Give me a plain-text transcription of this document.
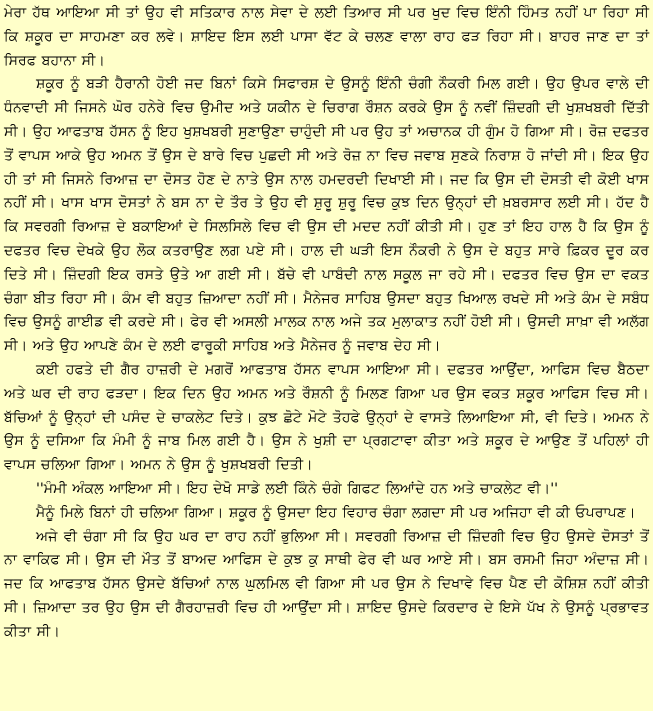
ਮੇਰਾ ਹੱਥ ਆਇਆ ਸੀ ਤਾਂ ਉਹ ਵੀ ਸਤਿਕਾਰ ਨਾਲ ਸੇਵਾ ਦੇ ਲਈ ਤਿਆਰ ਸੀ ਪਰ ਖੁਦ ਵਿਚ ਇੰਨੀ ਹਿੰਮਤ ਨਹੀਂ ਪਾ ਰਿਹਾ ਸੀ ਕਿ ਸ਼ਕੂਰ ਦਾ ਸਾਹਮਣਾ ਕਰ ਲਵੇ। ਸ਼ਾਇਦ ਇਸ ਲਈ ਪਾਸਾ ਵੱਟ ਕੇ ਚਲਣ ਵਾਲਾ ਰਾਹ ਫੜ ਰਿਹਾ ਸੀ। ਬਾਹਰ ਜਾਣ ਦਾ ਤਾਂ ਸਿਰਫ ਬਹਾਨਾ ਸੀ।

ਸ਼ਕੂਰ ਨੂੰ ਬੜੀ ਹੈਰਾਨੀ ਹੋਈ ਜਦ ਬਿਨਾਂ ਕਿਸੇ ਸਿਫਾਰਸ਼ ਦੇ ਉਸਨੂੰ ਇੰਨੀ ਚੰਗੀ ਨੌਕਰੀ ਮਿਲ ਗਈ। ਉਹ ਉਪਰ ਵਾਲੇ ਦੀ ਧੰਨਵਾਦੀ ਸੀ ਜਿਸਨੇ ਘੋਰ ਹਨੇਰੇ ਵਿਚ ਉਮੀਦ ਅਤੇ ਯਕੀਨ ਦੇ ਚਿਰਾਗ ਰੌਸ਼ਨ ਕਰਕੇ ਉਸ ਨੂੰ ਨਵੀਂ ਜ਼ਿੰਦਗੀ ਦੀ ਖੁਸ਼ਖਬਰੀ ਦਿੱਤੀ ਸੀ। ਉਹ ਆਫਤਾਬ ਹੱਸਨ ਨੂੰ ਇਹ ਖੁਸ਼ਖਬਰੀ ਸੁਣਾਉਣਾ ਚਾਹੁੰਦੀ ਸੀ ਪਰ ਉਹ ਤਾਂ ਅਚਾਨਕ ਹੀ ਗੁੰਮ ਹੋ ਗਿਆ ਸੀ। ਰੋਜ਼ ਦਫਤਰ ਤੋਂ ਵਾਪਸ ਆਕੇ ਉਹ ਅਮਨ ਤੋਂ ਉਸ ਦੇ ਬਾਰੇ ਵਿਚ ਪੁਛਦੀ ਸੀ ਅਤੇ ਰੋਜ਼ ਨਾ ਵਿਚ ਜਵਾਬ ਸੁਣਕੇ ਨਿਰਾਸ਼ ਹੋ ਜਾਂਦੀ ਸੀ। ਇਕ ਉਹ ਹੀ ਤਾਂ ਸੀ ਜਿਸਨੇ ਰਿਆਜ਼ ਦਾ ਦੋਸਤ ਹੋਣ ਦੇ ਨਾਤੇ ਉਸ ਨਾਲ ਹਮਦਰਦੀ ਦਿਖਾਈ ਸੀ। ਜਦ ਕਿ ਉਸ ਦੀ ਦੋਸਤੀ ਵੀ ਕੋਈ ਖਾਸ ਨਹੀਂ ਸੀ। ਖਾਸ ਖਾਸ ਦੋਸਤਾਂ ਨੇ ਬਸ ਨਾ ਦੇ ਤੌਰ ਤੇ ਉਹ ਵੀ ਸ਼ੁਰੂ ਸ਼ੁਰੂ ਵਿਚ ਕੁਝ ਦਿਨ ਉਨ੍ਹਾਂ ਦੀ ਖ਼ਬਰਸਾਰ ਲਈ ਸੀ। ਹੱਦ ਹੈ ਕਿ ਸਵਰਗੀ ਰਿਆਜ਼ ਦੇ ਬਕਾਇਆਂ ਦੇ ਸਿਲਸਿਲੇ ਵਿਚ ਵੀ ਉਸ ਦੀ ਮਦਦ ਨਹੀਂ ਕੀਤੀ ਸੀ। ਹੁਣ ਤਾਂ ਇਹ ਹਾਲ ਹੈ ਕਿ ਉਸ ਨੂੰ ਦਫਤਰ ਵਿਚ ਦੇਖਕੇ ਉਹ ਲੋਕ ਕਤਰਾਉਣ ਲਗ ਪਏ ਸੀ। ਹਾਲ ਦੀ ਘੜੀ ਇਸ ਨੌਕਰੀ ਨੇ ਉਸ ਦੇ ਬਹੁਤ ਸਾਰੇ ਫ਼ਿਕਰ ਦੂਰ ਕਰ ਦਿਤੇ ਸੀ। ਜ਼ਿੰਦਗੀ ਇਕ ਰਸਤੇ ਉਤੇ ਆ ਗਈ ਸੀ। ਬੱਚੇ ਵੀ ਪਾਬੰਦੀ ਨਾਲ ਸਕੂਲ ਜਾ ਰਹੇ ਸੀ। ਦਫਤਰ ਵਿਚ ਉਸ ਦਾ ਵਕਤ ਚੰਗਾ ਬੀਤ ਰਿਹਾ ਸੀ। ਕੰਮ ਵੀ ਬਹੁਤ ਜ਼ਿਆਦਾ ਨਹੀਂ ਸੀ। ਮੈਨੇਜਰ ਸਾਹਿਬ ਉਸਦਾ ਬਹੁਤ ਖਿਆਲ ਰਖਦੇ ਸੀ ਅਤੇ ਕੰਮ ਦੇ ਸਬੰਧ ਵਿਚ ਉਸਨੂੰ ਗਾਈਡ ਵੀ ਕਰਦੇ ਸੀ। ਫੇਰ ਵੀ ਅਸਲੀ ਮਾਲਕ ਨਾਲ ਅਜੇ ਤਕ ਮੁਲਾਕਾਤ ਨਹੀਂ ਹੋਈ ਸੀ। ਉਸਦੀ ਸਾਖ਼ਾ ਵੀ ਅਲੱਗ ਸੀ। ਅਤੇ ਉਹ ਆਪਣੇ ਕੰਮ ਦੇ ਲਈ ਫਾਰੂਕੀ ਸਾਹਿਬ ਅਤੇ ਮੈਨੇਜਰ ਨੂੰ ਜਵਾਬ ਦੇਹ ਸੀ।

ਕਈ ਹਫਤੇ ਦੀ ਗੈਰ ਹਾਜ਼ਰੀ ਦੇ ਮਗਰੋਂ ਆਫਤਾਬ ਹੱਸਨ ਵਾਪਸ ਆਇਆ ਸੀ। ਦਫਤਰ ਆਉਂਦਾ, ਆਫਿਸ ਵਿਚ ਬੈਠਦਾ ਅਤੇ ਘਰ ਦੀ ਰਾਹ ਫੜਦਾ। ਇਕ ਦਿਨ ਉਹ ਅਮਨ ਅਤੇ ਰੌਸ਼ਨੀ ਨੂੰ ਮਿਲਣ ਗਿਆ ਪਰ ਉਸ ਵਕਤ ਸ਼ਕੂਰ ਆਫਿਸ ਵਿਚ ਸੀ। ਬੱਚਿਆਂ ਨੂੰ ਉਨ੍ਹਾਂ ਦੀ ਪਸੰਦ ਦੇ ਚਾਕਲੇਟ ਦਿਤੇ। ਕੁਝ ਛੋਟੇ ਮੋਟੇ ਤੋਹਫੇ ਉਨ੍ਹਾਂ ਦੇ ਵਾਸਤੇ ਲਿਆਇਆ ਸੀ, ਵੀ ਦਿਤੇ। ਅਮਨ ਨੇ ਉਸ ਨੂੰ ਦਸਿਆ ਕਿ ਮੰਮੀ ਨੂੰ ਜਾਬ ਮਿਲ ਗਈ ਹੈ। ਉਸ ਨੇ ਖੁਸ਼ੀ ਦਾ ਪ੍ਰਗਟਾਵਾ ਕੀਤਾ ਅਤੇ ਸ਼ਕੂਰ ਦੇ ਆਉਣ ਤੋਂ ਪਹਿਲਾਂ ਹੀ ਵਾਪਸ ਚਲਿਆ ਗਿਆ। ਅਮਨ ਨੇ ਉਸ ਨੂੰ ਖੁਸ਼ਖਬਰੀ ਦਿਤੀ।

''ਮੰਮੀ ਅੰਕਲ ਆਇਆ ਸੀ। ਇਹ ਦੇਖੋ ਸਾਡੇ ਲਈ ਕਿੰਨੇ ਚੰਗੇ ਗਿਫਟ ਲਿਆਂਦੇ ਹਨ ਅਤੇ ਚਾਕਲੇਟ ਵੀ।''

ਮੈਨੂੰ ਮਿਲੇ ਬਿਨਾਂ ਹੀ ਚਲਿਆ ਗਿਆ। ਸ਼ਕੂਰ ਨੂੰ ਉਸਦਾ ਇਹ ਵਿਹਾਰ ਚੰਗਾ ਲਗਦਾ ਸੀ ਪਰ ਅਜਿਹਾ ਵੀ ਕੀ ਓਪਰਾਪਣ।

ਅਜੇ ਵੀ ਚੰਗਾ ਸੀ ਕਿ ਉਹ ਘਰ ਦਾ ਰਾਹ ਨਹੀਂ ਭੁਲਿਆ ਸੀ। ਸਵਰਗੀ ਰਿਆਜ਼ ਦੀ ਜ਼ਿੰਦਗੀ ਵਿਚ ਉਹ ਉਸਦੇ ਦੋਸਤਾਂ ਤੋਂ ਨਾ ਵਾਕਿਫ ਸੀ। ਉਸ ਦੀ ਮੌਤ ਤੋਂ ਬਾਅਦ ਆਫਿਸ ਦੇ ਕੁਝ ਕੁ ਸਾਥੀ ਫੇਰ ਵੀ ਘਰ ਆਏ ਸੀ। ਬਸ ਰਸਮੀ ਜਿਹਾ ਅੰਦਾਜ਼ ਸੀ। ਜਦ ਕਿ ਆਫਤਾਬ ਹੱਸਨ ਉਸਦੇ ਬੱਚਿਆਂ ਨਾਲ ਘੁਲਮਿਲ ਵੀ ਗਿਆ ਸੀ ਪਰ ਉਸ ਨੇ ਦਿਖਾਵੇ ਵਿਚ ਪੈਣ ਦੀ ਕੋਸ਼ਿਸ਼ ਨਹੀਂ ਕੀਤੀ ਸੀ। ਜ਼ਿਆਦਾ ਤਰ ਉਹ ਉਸ ਦੀ ਗੈਰਹਾਜ਼ਰੀ ਵਿਚ ਹੀ ਆਉਂਦਾ ਸੀ। ਸ਼ਾਇਦ ਉਸਦੇ ਕਿਰਦਾਰ ਦੇ ਇਸੇ ਪੱਖ ਨੇ ਉਸਨੂੰ ਪ੍ਰਭਾਵਤ ਕੀਤਾ ਸੀ।
